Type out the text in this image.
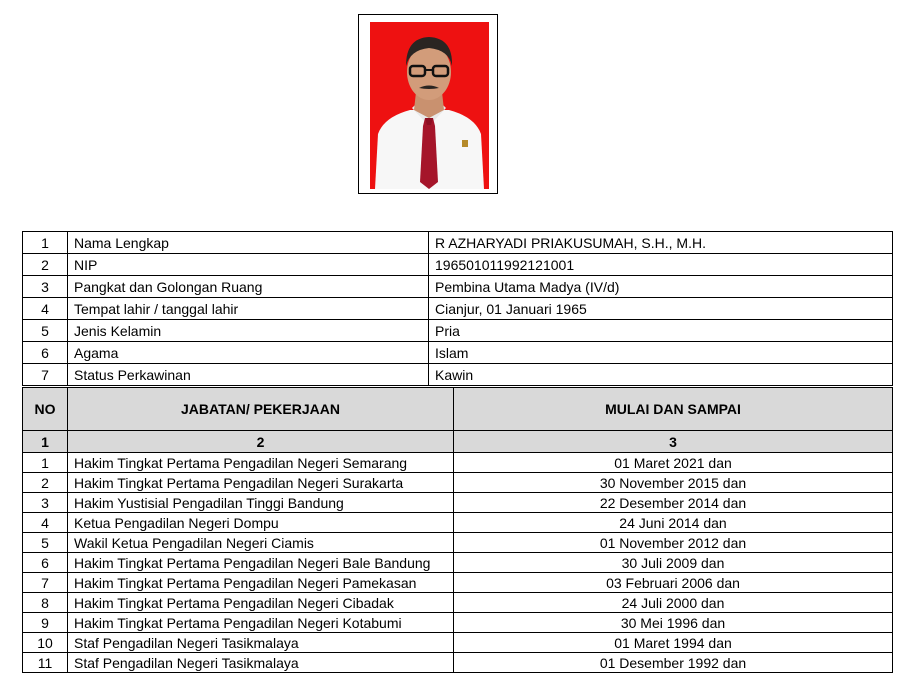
1	Nama Lengkap	R AZHARYADI PRIAKUSUMAH, S.H., M.H.
2	NIP	196501011992121001
3	Pangkat dan Golongan Ruang	Pembina Utama Madya (IV/d)
4	Tempat lahir / tanggal lahir	Cianjur, 01 Januari 1965
5	Jenis Kelamin	Pria
6	Agama	Islam
7	Status Perkawinan	Kawin
NO	JABATAN/ PEKERJAAN	MULAI DAN SAMPAI
1	2	3
1	Hakim Tingkat Pertama Pengadilan Negeri Semarang	01 Maret 2021 dan
2	Hakim Tingkat Pertama Pengadilan Negeri Surakarta	30 November 2015 dan
3	Hakim Yustisial Pengadilan Tinggi Bandung	22 Desember 2014 dan
4	Ketua Pengadilan Negeri Dompu	24 Juni 2014 dan
5	Wakil Ketua Pengadilan Negeri Ciamis	01 November 2012 dan
6	Hakim Tingkat Pertama Pengadilan Negeri Bale Bandung	30 Juli 2009 dan
7	Hakim Tingkat Pertama Pengadilan Negeri Pamekasan	03 Februari 2006 dan
8	Hakim Tingkat Pertama Pengadilan Negeri Cibadak	24 Juli 2000 dan
9	Hakim Tingkat Pertama Pengadilan Negeri Kotabumi	30 Mei 1996 dan
10	Staf Pengadilan Negeri Tasikmalaya	01 Maret 1994 dan
11	Staf Pengadilan Negeri Tasikmalaya	01 Desember 1992 dan
